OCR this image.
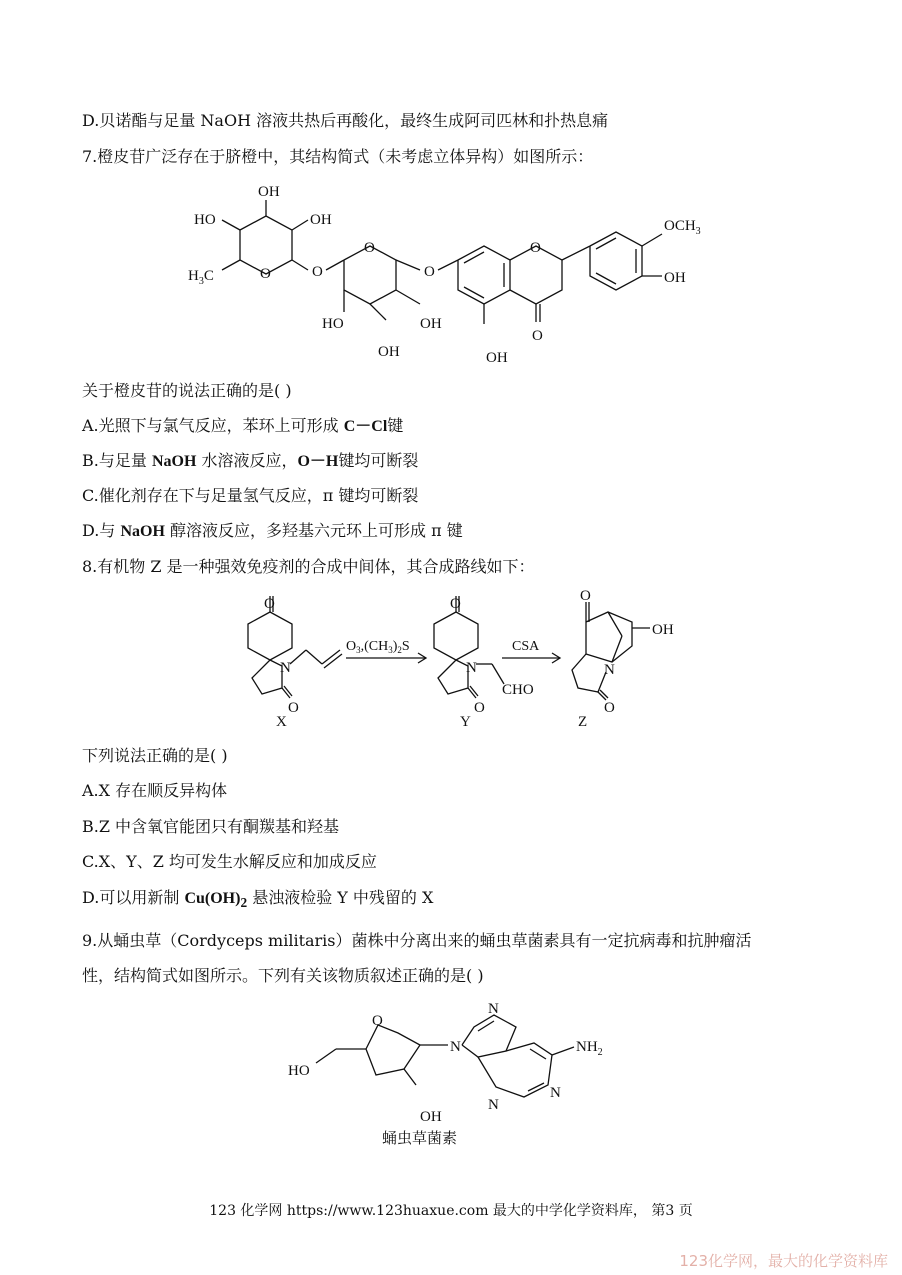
D.贝诺酯与足量 NaOH 溶液共热后再酸化，最终生成阿司匹林和扑热息痛
7.橙皮苷广泛存在于脐橙中，其结构简式（未考虑立体异构）如图所示：
OH
HO	OH
$H_3C$	O	O
O
O
O
$OCH_3$
OH
HO	OH
OH	OH
O
关于橙皮苷的说法正确的是( )
A.光照下与氯气反应，苯环上可形成 C－Cl键
B.与足量 NaOH 水溶液反应，O－H键均可断裂
C.催化剂存在下与足量氢气反应，π 键均可断裂
D.与 NaOH 醇溶液反应，多羟基六元环上可形成 π 键
8.有机物 Z 是一种强效免疫剂的合成中间体，其合成路线如下：
O
N
O
X
$O_3,(CH_3)_2S$
O
N
CHO
O
Y
CSA
O
OH
N
O
Z
下列说法正确的是( )
A.X 存在顺反异构体
B.Z 中含氧官能团只有酮羰基和羟基
C.X、Y、Z 均可发生水解反应和加成反应
D.可以用新制 $Cu(OH)_2$ 悬浊液检验 Y 中残留的 X
9.从蛹虫草（Cordyceps militaris）菌株中分离出来的蛹虫草菌素具有一定抗病毒和抗肿瘤活
性，结构简式如图所示。下列有关该物质叙述正确的是( )
HO
O
N
N
$NH_2$
N
N
OH
蛹虫草菌素
123 化学网 https://www.123huaxue.com 最大的中学化学资料库， 第3 页
123化学网，最大的化学资料库
